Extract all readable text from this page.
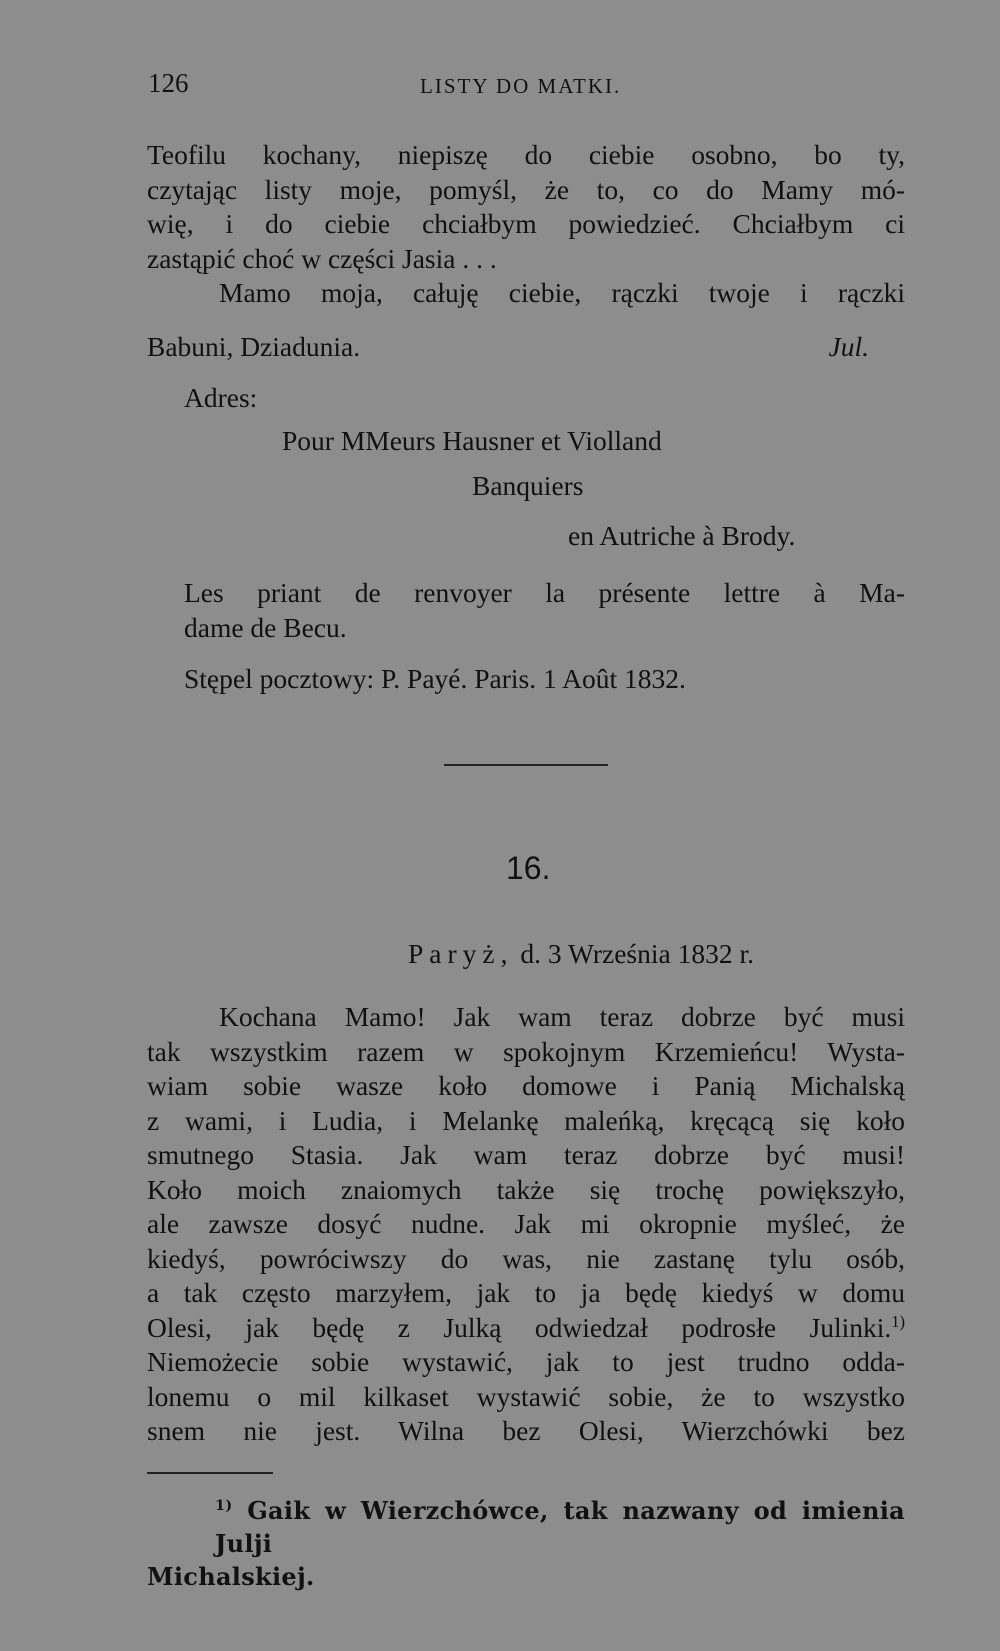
126	LISTY DO MATKI.
Teofilu kochany, niepiszę do ciebie osobno, bo ty,
czytając listy moje, pomyśl, że to, co do Mamy mó-
wię, i do ciebie chciałbym powiedzieć. Chciałbym ci
zastąpić choć w części Jasia . . .
Mamo moja, całuję ciebie, rączki twoje i rączki
Babuni, Dziadunia.	Jul.
Adres:
Pour MMeurs Hausner et Violland
Banquiers
en Autriche à Brody.
Les priant de renvoyer la présente lettre à Ma-
dame de Becu.
Stępel pocztowy: P. Payé. Paris. 1 Août 1832.
16.
Paryż, d. 3 Września 1832 r.
Kochana Mamo! Jak wam teraz dobrze być musi
tak wszystkim razem w spokojnym Krzemieńcu! Wysta-
wiam sobie wasze koło domowe i Panią Michalską
z wami, i Ludia, i Melankę maleńką, kręcącą się koło
smutnego Stasia. Jak wam teraz dobrze być musi!
Koło moich znaiomych także się trochę powiększyło,
ale zawsze dosyć nudne. Jak mi okropnie myśleć, że
kiedyś, powróciwszy do was, nie zastanę tylu osób,
a tak często marzyłem, jak to ja będę kiedyś w domu
Olesi, jak będę z Julką odwiedzał podrosłe Julinki.$^{1)}$
Niemożecie sobie wystawić, jak to jest trudno odda-
lonemu o mil kilkaset wystawić sobie, że to wszystko
snem nie jest. Wilna bez Olesi, Wierzchówki bez
$^{1)}$ Gaik w Wierzchówce, tak nazwany od imienia Julji
Michalskiej.
